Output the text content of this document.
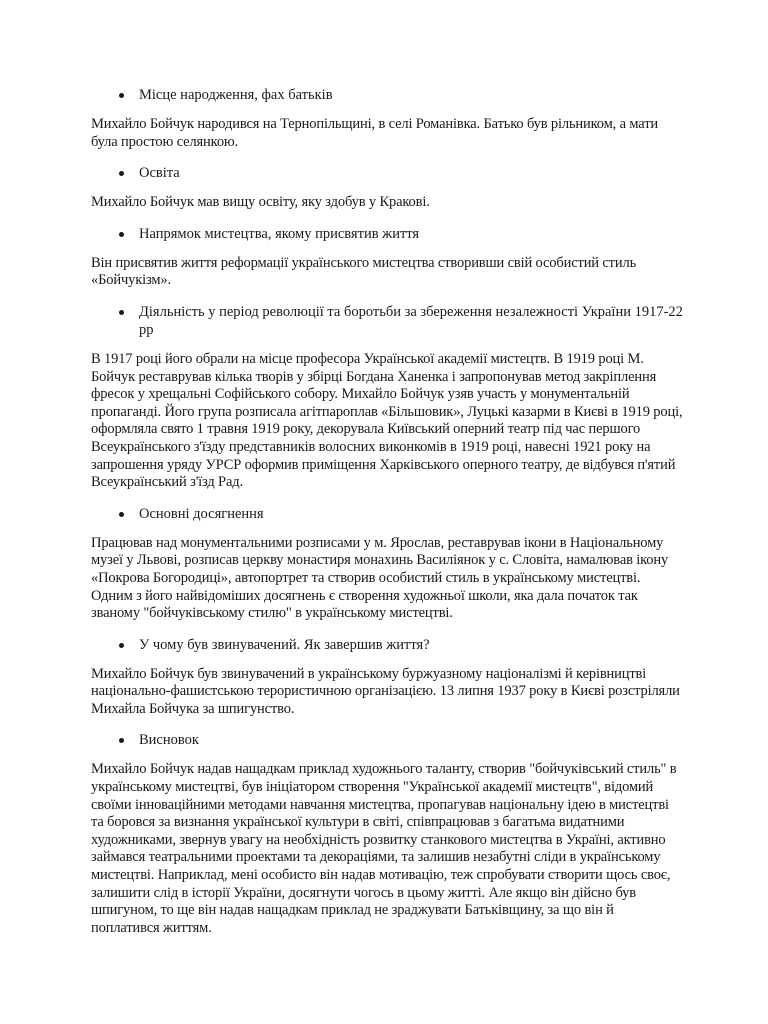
Місце народження, фах батьків

Михайло Бойчук народився на Тернопільщині, в селі Романівка. Батько був рільником, а мати була простою селянкою.

Освіта

Михайло Бойчук мав вищу освіту, яку здобув у Кракові.

Напрямок мистецтва, якому присвятив життя

Він присвятив життя реформації українського мистецтва створивши свій особистий стиль «Бойчукізм».

Діяльність у період революції та боротьби за збереження незалежності України 1917-22 рр

В 1917 році його обрали на місце професора Української академії мистецтв. В 1919 році М. Бойчук реставрував кілька творів у збірці Богдана Ханенка і запропонував метод закріплення фресок у хрещальні Софійського собору. Михайло Бойчук узяв участь у монументальній пропаганді. Його група розписала агітпароплав «Більшовик», Луцькі казарми в Києві в 1919 році, оформляла свято 1 травня 1919 року, декорувала Київський оперний театр під час першого Всеукраїнського з'їзду представників волосних виконкомів в 1919 році, навесні 1921 року на запрошення уряду УРСР оформив приміщення Харківського оперного театру, де відбувся п'ятий Всеукраїнський з'їзд Рад.

Основні досягнення

Працював над монументальними розписами у м. Ярослав, реставрував ікони в Національному музеї у Львові, розписав церкву монастиря монахинь Василіянок у с. Словіта, намалював ікону «Покрова Богородиці», автопортрет та створив особистий стиль в українському мистецтві. Одним з його найвідоміших досягнень є створення художньої школи, яка дала початок так званому "бойчуківському стилю" в українському мистецтві.

У чому був звинувачений. Як завершив життя?

Михайло Бойчук був звинувачений в українському буржуазному націоналізмі й керівництві національно-фашистською терористичною організацією. 13 липня 1937 року в Києві розстріляли Михайла Бойчука за шпигунство.

Висновок

Михайло Бойчук надав нащадкам приклад художнього таланту, створив "бойчуківський стиль" в українському мистецтві, був ініціатором створення "Української академії мистецтв", відомий своїми інноваційними методами навчання мистецтва, пропагував національну ідею в мистецтві та боровся за визнання української культури в світі, співпрацював з багатьма видатними художниками, звернув увагу на необхідність розвитку станкового мистецтва в Україні, активно займався театральними проектами та декораціями, та залишив незабутні сліди в українському мистецтві. Наприклад, мені особисто він надав мотивацію, теж спробувати створити щось своє, залишити слід в історії України, досягнути чогось в цьому житті. Але якщо він дійсно був шпигуном, то ще він надав нащадкам приклад не зраджувати Батьківщину, за що він й поплатився життям.
